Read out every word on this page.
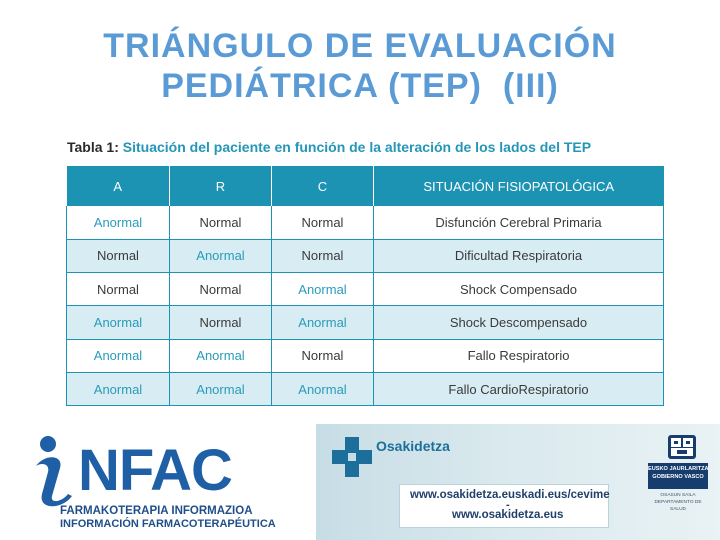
TRIÁNGULO DE EVALUACIÓN
PEDIÁTRICA (TEP)  (III)
Tabla 1: Situación del paciente en función de la alteración de los lados del TEP
A	R	C	SITUACIÓN FISIOPATOLÓGICA
Anormal	Normal	Normal	Disfunción Cerebral Primaria
Normal	Anormal	Normal	Dificultad Respiratoria
Normal	Normal	Anormal	Shock Compensado
Anormal	Normal	Anormal	Shock Descompensado
Anormal	Anormal	Normal	Fallo Respiratorio
Anormal	Anormal	Anormal	Fallo CardioRespiratorio
NFAC
FARMAKOTERAPIA INFORMAZIOA
INFORMACIÓN FARMACOTERAPÉUTICA
Osakidetza
www.osakidetza.euskadi.eus/cevime
-
www.osakidetza.eus
EUSKO JAURLARITZA
GOBIERNO VASCO
OSASUN SAILA
DEPARTAMENTO DE SALUD
